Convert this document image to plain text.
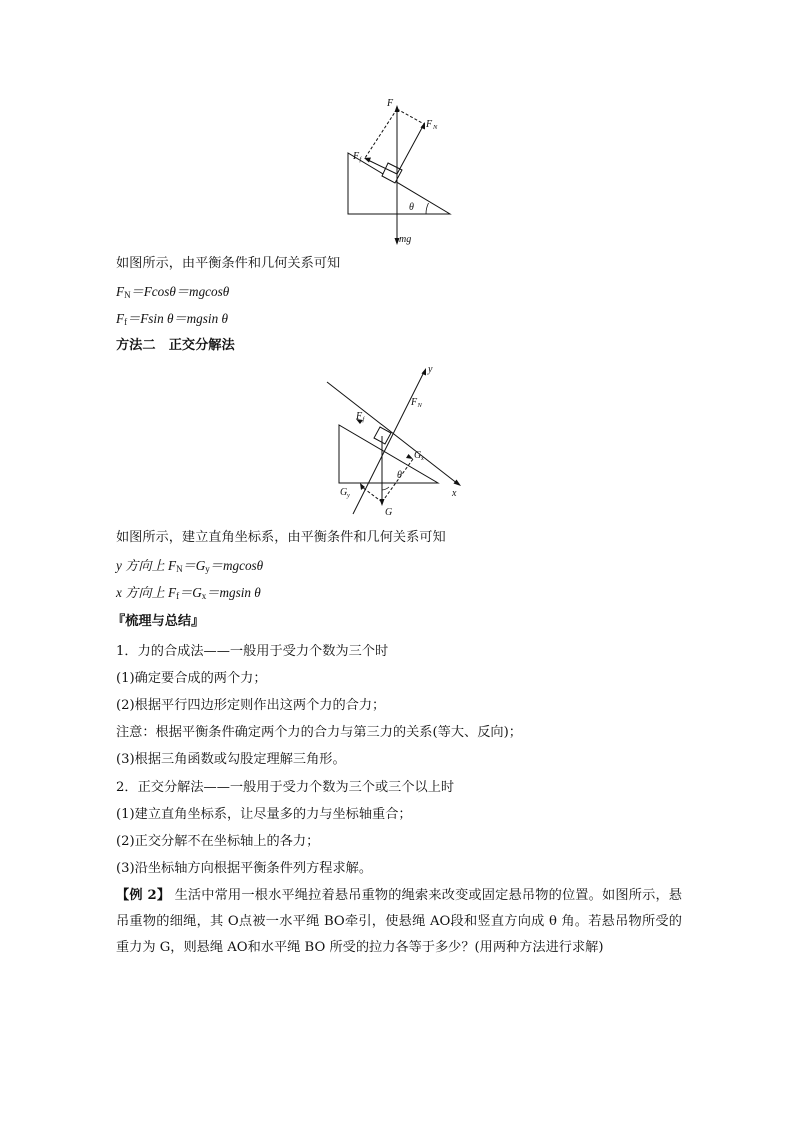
F
F N
F f
θ
mg
如图所示，由平衡条件和几何关系可知
$F_N=Fcos\theta=mgcos\theta$
$F_f=Fsin$ θ＝mgsin θ
方法二　正交分解法
y
x
F N
F f
G x
G y
G
θ
如图所示，建立直角坐标系，由平衡条件和几何关系可知
y 方向上 $F_N=G_y=mgcos\theta$
x 方向上 $F_f=G_x=mgsin$ θ
『梳理与总结』
1．力的合成法——一般用于受力个数为三个时
(1)确定要合成的两个力；
(2)根据平行四边形定则作出这两个力的合力；
注意：根据平衡条件确定两个力的合力与第三力的关系(等大、反向)；
(3)根据三角函数或勾股定理解三角形。
2．正交分解法——一般用于受力个数为三个或三个以上时
(1)建立直角坐标系，让尽量多的力与坐标轴重合；
(2)正交分解不在坐标轴上的各力；
(3)沿坐标轴方向根据平衡条件列方程求解。
【例 2】 生活中常用一根水平绳拉着悬吊重物的绳索来改变或固定悬吊物的位置。如图所示，悬吊重物的细绳，其 O点被一水平绳 BO牵引，使悬绳 AO段和竖直方向成 θ 角。若悬吊物所受的重力为 G，则悬绳 AO和水平绳 BO 所受的拉力各等于多少？(用两种方法进行求解)
